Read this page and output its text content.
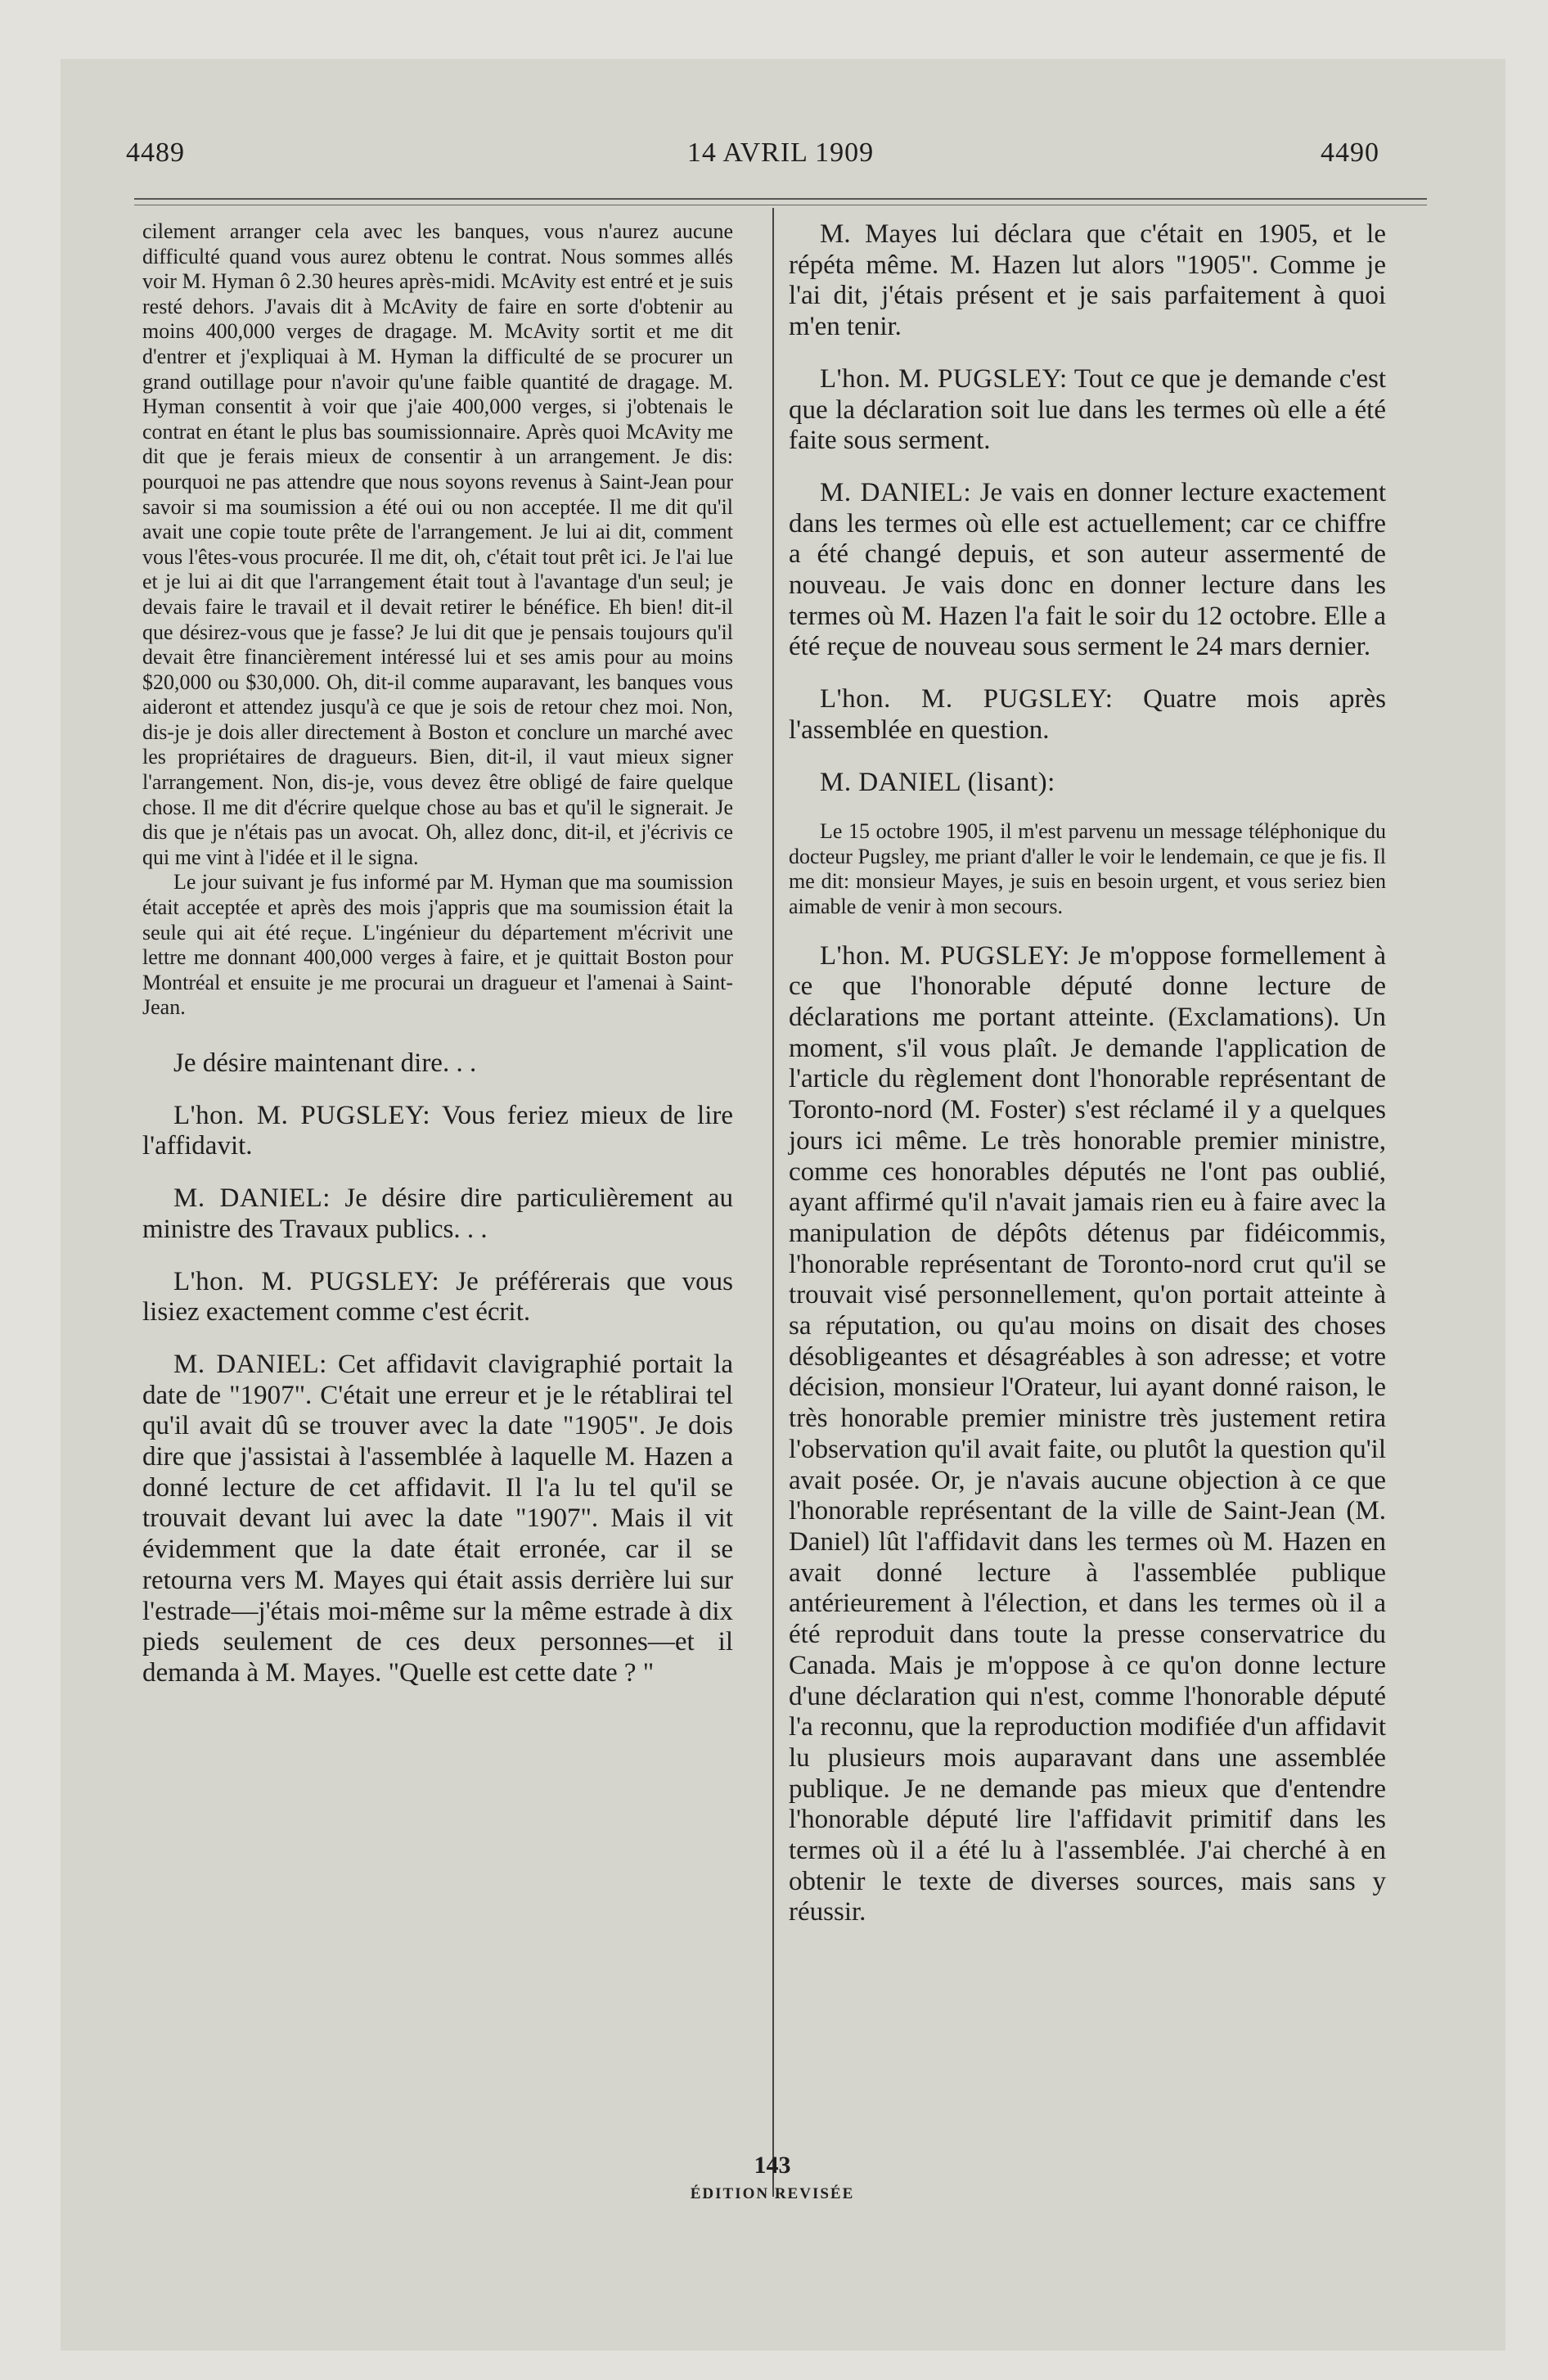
4489	14 AVRIL 1909	4490

cilement arranger cela avec les banques, vous n'aurez aucune difficulté quand vous aurez obtenu le contrat. Nous sommes allés voir M. Hyman ô 2.30 heures après-midi. McAvity est entré et je suis resté dehors. J'avais dit à McAvity de faire en sorte d'obtenir au moins 400,000 verges de dragage. M. McAvity sortit et me dit d'entrer et j'expliquai à M. Hyman la difficulté de se procurer un grand outillage pour n'avoir qu'une faible quantité de dragage. M. Hyman consentit à voir que j'aie 400,000 verges, si j'obtenais le contrat en étant le plus bas soumissionnaire. Après quoi McAvity me dit que je ferais mieux de consentir à un arrangement. Je dis: pourquoi ne pas attendre que nous soyons revenus à Saint-Jean pour savoir si ma soumission a été oui ou non acceptée. Il me dit qu'il avait une copie toute prête de l'arrangement. Je lui ai dit, comment vous l'êtes-vous procurée. Il me dit, oh, c'était tout prêt ici. Je l'ai lue et je lui ai dit que l'arrangement était tout à l'avantage d'un seul; je devais faire le travail et il devait retirer le bénéfice. Eh bien! dit-il que désirez-vous que je fasse? Je lui dit que je pensais toujours qu'il devait être financièrement intéressé lui et ses amis pour au moins $20,000 ou $30,000. Oh, dit-il comme auparavant, les banques vous aideront et attendez jusqu'à ce que je sois de retour chez moi. Non, dis-je je dois aller directement à Boston et conclure un marché avec les propriétaires de dragueurs. Bien, dit-il, il vaut mieux signer l'arrangement. Non, dis-je, vous devez être obligé de faire quelque chose. Il me dit d'écrire quelque chose au bas et qu'il le signerait. Je dis que je n'étais pas un avocat. Oh, allez donc, dit-il, et j'écrivis ce qui me vint à l'idée et il le signa.

Le jour suivant je fus informé par M. Hyman que ma soumission était acceptée et après des mois j'appris que ma soumission était la seule qui ait été reçue. L'ingénieur du département m'écrivit une lettre me donnant 400,000 verges à faire, et je quittait Boston pour Montréal et ensuite je me procurai un dragueur et l'amenai à Saint-Jean.

Je désire maintenant dire. . .

L'hon. M. PUGSLEY: Vous feriez mieux de lire l'affidavit.

M. DANIEL: Je désire dire particulièrement au ministre des Travaux publics. . .

L'hon. M. PUGSLEY: Je préférerais que vous lisiez exactement comme c'est écrit.

M. DANIEL: Cet affidavit clavigraphié portait la date de "1907". C'était une erreur et je le rétablirai tel qu'il avait dû se trouver avec la date "1905". Je dois dire que j'assistai à l'assemblée à laquelle M. Hazen a donné lecture de cet affidavit. Il l'a lu tel qu'il se trouvait devant lui avec la date "1907". Mais il vit évidemment que la date était erronée, car il se retourna vers M. Mayes qui était assis derrière lui sur l'estrade—j'étais moi-même sur la même estrade à dix pieds seulement de ces deux personnes—et il demanda à M. Mayes. "Quelle est cette date ? "

M. Mayes lui déclara que c'était en 1905, et le répéta même. M. Hazen lut alors "1905". Comme je l'ai dit, j'étais présent et je sais parfaitement à quoi m'en tenir.

L'hon. M. PUGSLEY: Tout ce que je demande c'est que la déclaration soit lue dans les termes où elle a été faite sous serment.

M. DANIEL: Je vais en donner lecture exactement dans les termes où elle est actuellement; car ce chiffre a été changé depuis, et son auteur assermenté de nouveau. Je vais donc en donner lecture dans les termes où M. Hazen l'a fait le soir du 12 octobre. Elle a été reçue de nouveau sous serment le 24 mars dernier.

L'hon. M. PUGSLEY: Quatre mois après l'assemblée en question.

M. DANIEL (lisant):

Le 15 octobre 1905, il m'est parvenu un message téléphonique du docteur Pugsley, me priant d'aller le voir le lendemain, ce que je fis. Il me dit: monsieur Mayes, je suis en besoin urgent, et vous seriez bien aimable de venir à mon secours.

L'hon. M. PUGSLEY: Je m'oppose formellement à ce que l'honorable député donne lecture de déclarations me portant atteinte. (Exclamations). Un moment, s'il vous plaît. Je demande l'application de l'article du règlement dont l'honorable représentant de Toronto-nord (M. Foster) s'est réclamé il y a quelques jours ici même. Le très honorable premier ministre, comme ces honorables députés ne l'ont pas oublié, ayant affirmé qu'il n'avait jamais rien eu à faire avec la manipulation de dépôts détenus par fidéicommis, l'honorable représentant de Toronto-nord crut qu'il se trouvait visé personnellement, qu'on portait atteinte à sa réputation, ou qu'au moins on disait des choses désobligeantes et désagréables à son adresse; et votre décision, monsieur l'Orateur, lui ayant donné raison, le très honorable premier ministre très justement retira l'observation qu'il avait faite, ou plutôt la question qu'il avait posée. Or, je n'avais aucune objection à ce que l'honorable représentant de la ville de Saint-Jean (M. Daniel) lût l'affidavit dans les termes où M. Hazen en avait donné lecture à l'assemblée publique antérieurement à l'élection, et dans les termes où il a été reproduit dans toute la presse conservatrice du Canada. Mais je m'oppose à ce qu'on donne lecture d'une déclaration qui n'est, comme l'honorable député l'a reconnu, que la reproduction modifiée d'un affidavit lu plusieurs mois auparavant dans une assemblée publique. Je ne demande pas mieux que d'entendre l'honorable député lire l'affidavit primitif dans les termes où il a été lu à l'assemblée. J'ai cherché à en obtenir le texte de diverses sources, mais sans y réussir.

143
ÉDITION REVISÉE
